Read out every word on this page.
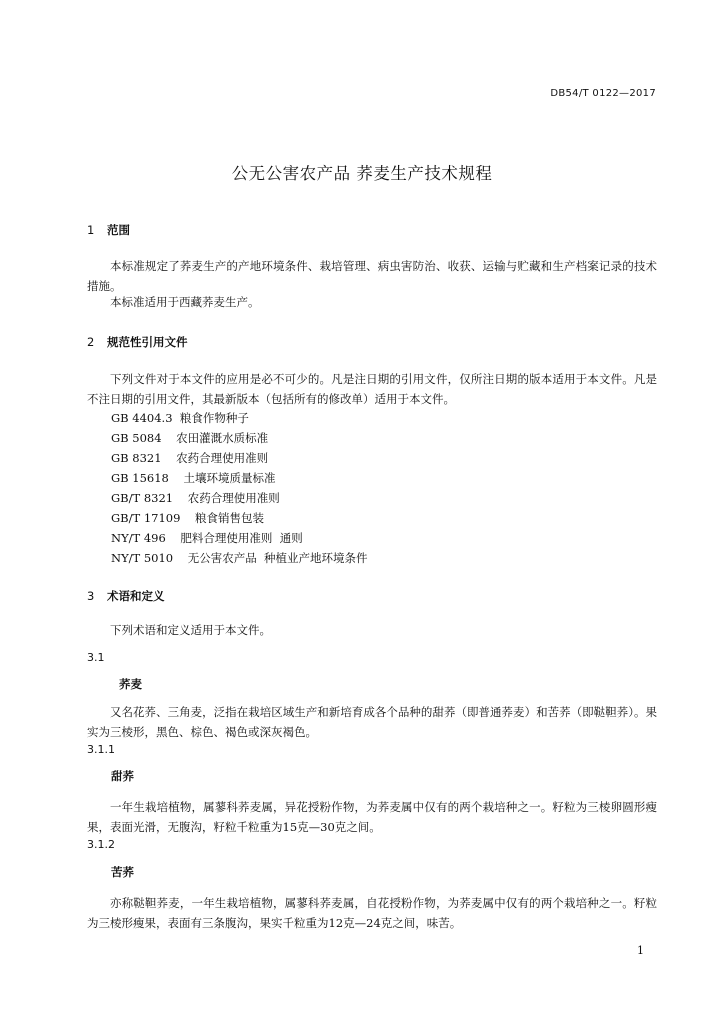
DB54/T 0122—2017
公无公害农产品 荞麦生产技术规程
1 范围

本标准规定了荞麦生产的产地环境条件、栽培管理、病虫害防治、收获、运输与贮藏和生产档案记录的技术措施。

本标准适用于西藏荞麦生产。

2 规范性引用文件

下列文件对于本文件的应用是必不可少的。凡是注日期的引用文件，仅所注日期的版本适用于本文件。凡是不注日期的引用文件，其最新版本（包括所有的修改单）适用于本文件。

GB 4404.3  粮食作物种子
GB 5084    农田灌溉水质标准
GB 8321    农药合理使用准则
GB 15618    土壤环境质量标准
GB/T 8321    农药合理使用准则
GB/T 17109    粮食销售包装
NY/T 496    肥料合理使用准则  通则
NY/T 5010    无公害农产品  种植业产地环境条件
3 术语和定义

下列术语和定义适用于本文件。

3.1
荞麦

又名花荞、三角麦，泛指在栽培区域生产和新培育成各个品种的甜荞（即普通荞麦）和苦荞（即鞑靼荞）。果实为三棱形，黑色、棕色、褐色或深灰褐色。

3.1.1
甜荞

一年生栽培植物，属蓼科荞麦属，异花授粉作物，为荞麦属中仅有的两个栽培种之一。籽粒为三棱卵圆形瘦果，表面光滑，无腹沟，籽粒千粒重为15克—30克之间。

3.1.2
苦荞

亦称鞑靼荞麦，一年生栽培植物，属蓼科荞麦属，自花授粉作物，为荞麦属中仅有的两个栽培种之一。籽粒为三棱形瘦果，表面有三条腹沟，果实千粒重为12克—24克之间，味苦。

1
